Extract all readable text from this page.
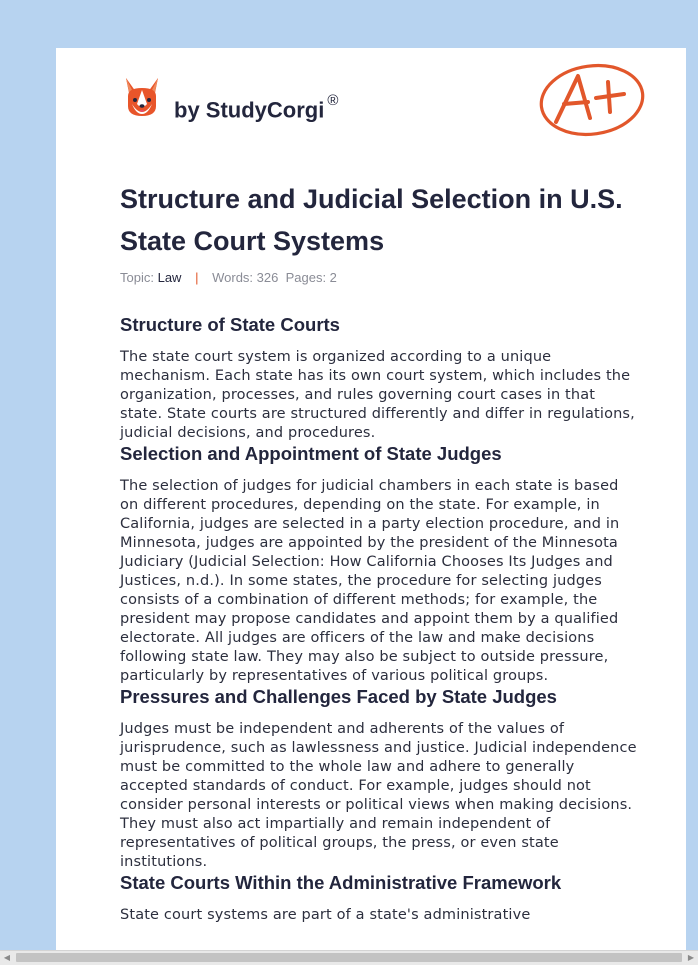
by StudyCorgi ®
Structure and Judicial Selection in U.S. State Court Systems
Topic: Law | Words: 326 Pages: 2
Structure of State Courts

The state court system is organized according to a unique mechanism. Each state has its own court system, which includes the organization, processes, and rules governing court cases in that state. State courts are structured differently and differ in regulations, judicial decisions, and procedures.

Selection and Appointment of State Judges

The selection of judges for judicial chambers in each state is based on different procedures, depending on the state. For example, in California, judges are selected in a party election procedure, and in Minnesota, judges are appointed by the president of the Minnesota Judiciary (Judicial Selection: How California Chooses Its Judges and Justices, n.d.). In some states, the procedure for selecting judges consists of a combination of different methods; for example, the president may propose candidates and appoint them by a qualified electorate. All judges are officers of the law and make decisions following state law. They may also be subject to outside pressure, particularly by representatives of various political groups.

Pressures and Challenges Faced by State Judges

Judges must be independent and adherents of the values of jurisprudence, such as lawlessness and justice. Judicial independence must be committed to the whole law and adhere to generally accepted standards of conduct. For example, judges should not consider personal interests or political views when making decisions. They must also act impartially and remain independent of representatives of political groups, the press, or even state institutions.

State Courts Within the Administrative Framework

State court systems are part of a state's administrative

◀	▶
